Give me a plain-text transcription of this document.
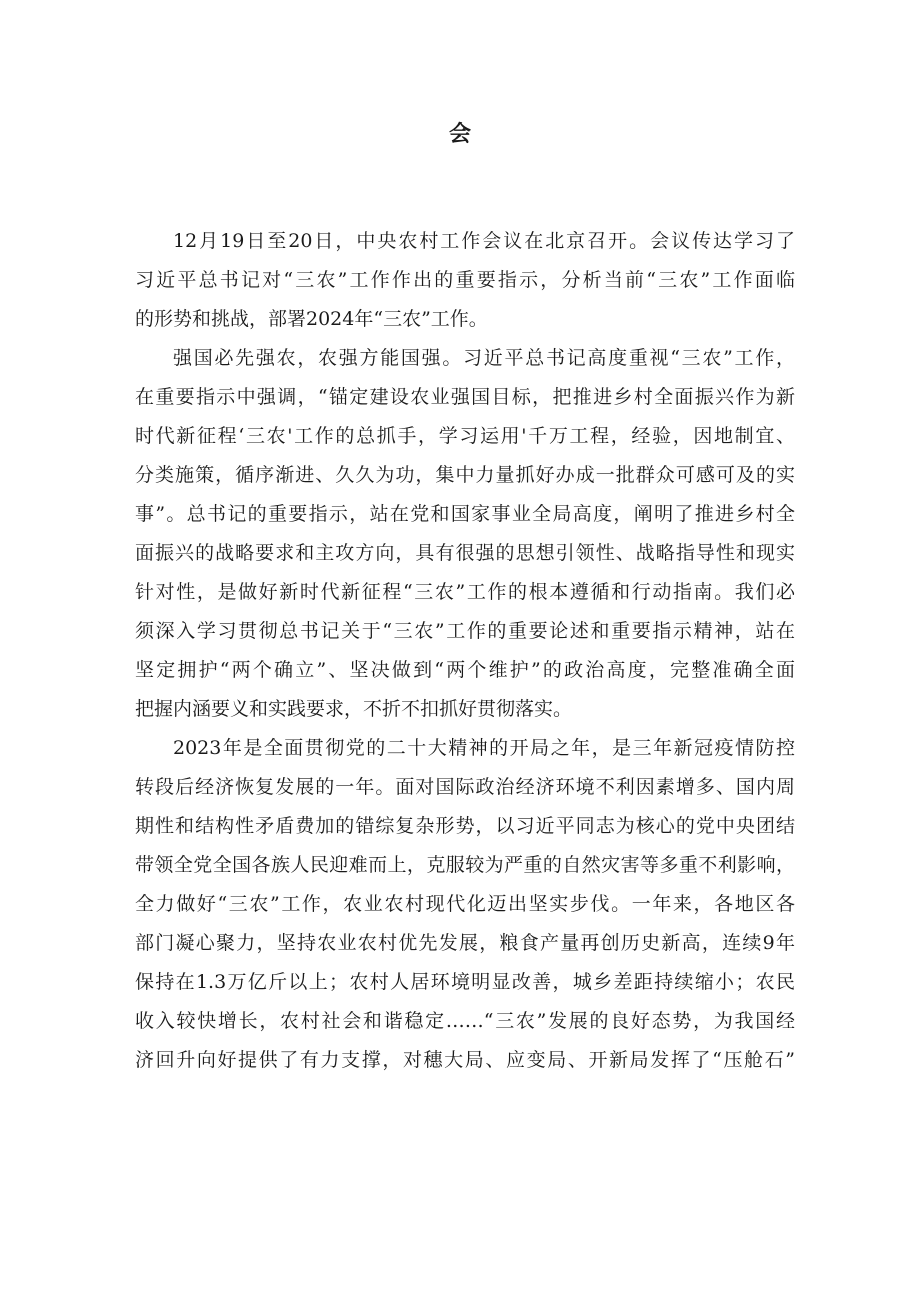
会
12月19日至20日，中央农村工作会议在北京召开。会议传达学习了
习近平总书记对“三农”工作作出的重要指示，分析当前“三农”工作面临
的形势和挑战，部署2024年“三农”工作。
强国必先强农，农强方能国强。习近平总书记高度重视“三农”工作，
在重要指示中强调，“锚定建设农业强国目标，把推进乡村全面振兴作为新
时代新征程‘三农'工作的总抓手，学习运用'千万工程，经验，因地制宜、
分类施策，循序渐进、久久为功，集中力量抓好办成一批群众可感可及的实
事”。总书记的重要指示，站在党和国家事业全局高度，阐明了推进乡村全
面振兴的战略要求和主攻方向，具有很强的思想引领性、战略指导性和现实
针对性，是做好新时代新征程“三农”工作的根本遵循和行动指南。我们必
须深入学习贯彻总书记关于“三农”工作的重要论述和重要指示精神，站在
坚定拥护“两个确立”、坚决做到“两个维护”的政治高度，完整准确全面
把握内涵要义和实践要求，不折不扣抓好贯彻落实。
2023年是全面贯彻党的二十大精神的开局之年，是三年新冠疫情防控
转段后经济恢复发展的一年。面对国际政治经济环境不利因素增多、国内周
期性和结构性矛盾费加的错综复杂形势，以习近平同志为核心的党中央团结
带领全党全国各族人民迎难而上，克服较为严重的自然灾害等多重不利影响，
全力做好“三农”工作，农业农村现代化迈出坚实步伐。一年来，各地区各
部门凝心聚力，坚持农业农村优先发展，粮食产量再创历史新高，连续9年
保持在1.3万亿斤以上；农村人居环境明显改善，城乡差距持续缩小；农民
收入较快增长，农村社会和谐稳定……“三农”发展的良好态势，为我国经
济回升向好提供了有力支撑，对穗大局、应变局、开新局发挥了“压舱石”
